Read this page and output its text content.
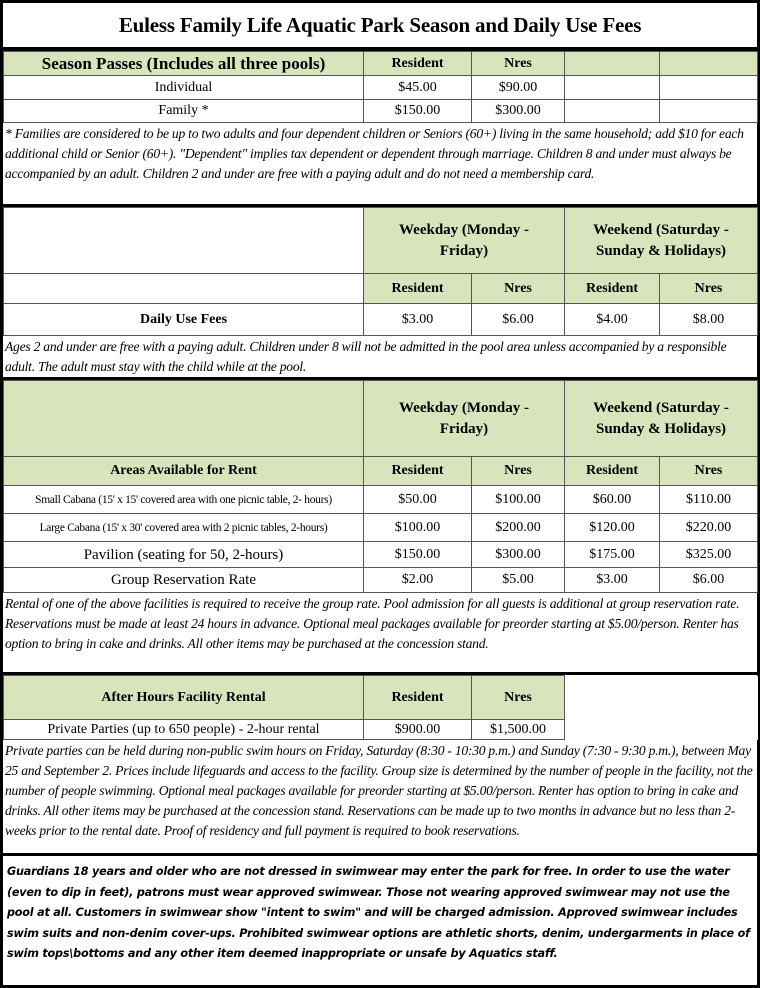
Euless Family Life Aquatic Park Season and Daily Use Fees
Season Passes (Includes all three pools)	Resident	Nres		
Individual	$45.00	$90.00		
Family *	$150.00	$300.00		
* Families are considered to be up to two adults and four dependent children or Seniors (60+) living in the same household; add $10 for each additional child or Senior (60+). "Dependent" implies tax dependent or dependent through marriage. Children 8 and under must always be accompanied by an adult. Children 2 and under are free with a paying adult and do not need a membership card.
	Weekday (Monday - Friday)		Weekend (Saturday - Sunday & Holidays)	
	Resident	Nres	Resident	Nres
Daily Use Fees	$3.00	$6.00	$4.00	$8.00
Ages 2 and under are free with a paying adult. Children under 8 will not be admitted in the pool area unless accompanied by a responsible adult. The adult must stay with the child while at the pool.
	Weekday (Monday - Friday)		Weekend (Saturday - Sunday & Holidays)	
Areas Available for Rent	Resident	Nres	Resident	Nres
Small Cabana (15' x 15' covered area with one picnic table, 2- hours)	$50.00	$100.00	$60.00	$110.00
Large Cabana (15' x 30' covered area with 2 picnic tables, 2-hours)	$100.00	$200.00	$120.00	$220.00
Pavilion (seating for 50, 2-hours)	$150.00	$300.00	$175.00	$325.00
Group Reservation Rate	$2.00	$5.00	$3.00	$6.00
Rental of one of the above facilities is required to receive the group rate. Pool admission for all guests is additional at group reservation rate. Reservations must be made at least 24 hours in advance. Optional meal packages available for preorder starting at $5.00/person. Renter has option to bring in cake and drinks. All other items may be purchased at the concession stand.
After Hours Facility Rental	Resident	Nres	
Private Parties (up to 650 people) - 2-hour rental	$900.00	$1,500.00	
Private parties can be held during non-public swim hours on Friday, Saturday (8:30 - 10:30 p.m.) and Sunday (7:30 - 9:30 p.m.), between May 25 and September 2. Prices include lifeguards and access to the facility. Group size is determined by the number of people in the facility, not the number of people swimming. Optional meal packages available for preorder starting at $5.00/person. Renter has option to bring in cake and drinks. All other items may be purchased at the concession stand. Reservations can be made up to two months in advance but no less than 2-weeks prior to the rental date. Proof of residency and full payment is required to book reservations.
Guardians 18 years and older who are not dressed in swimwear may enter the park for free. In order to use the water (even to dip in feet), patrons must wear approved swimwear. Those not wearing approved swimwear may not use the pool at all. Customers in swimwear show "intent to swim" and will be charged admission. Approved swimwear includes swim suits and non-denim cover-ups. Prohibited swimwear options are athletic shorts, denim, undergarments in place of swim tops\bottoms and any other item deemed inappropriate or unsafe by Aquatics staff.
